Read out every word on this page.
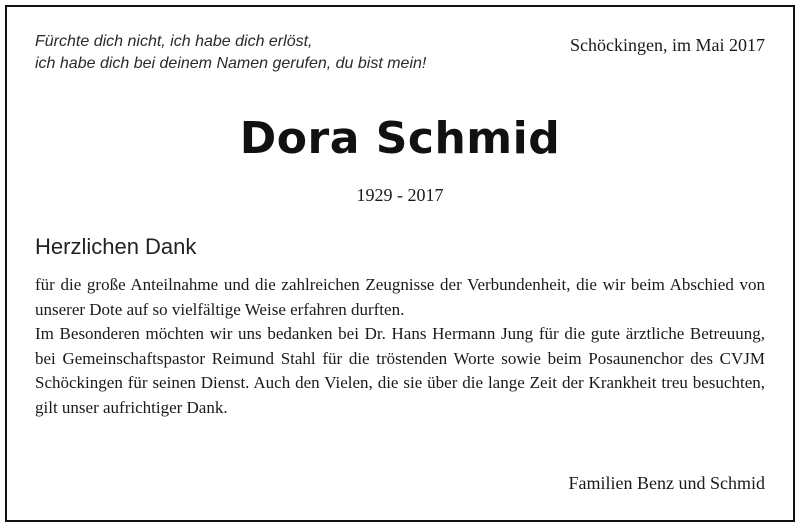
Fürchte dich nicht, ich habe dich erlöst,
ich habe dich bei deinem Namen gerufen, du bist mein!
Schöckingen, im Mai 2017
Dora Schmid
1929 - 2017
Herzlichen Dank

für die große Anteilnahme und die zahlreichen Zeugnisse der Verbundenheit, die wir beim Abschied von unserer Dote auf so vielfältige Weise erfahren durften.

Im Besonderen möchten wir uns bedanken bei Dr. Hans Hermann Jung für die gute ärztliche Betreuung, bei Gemeinschaftspastor Reimund Stahl für die tröstenden Worte sowie beim Posaunenchor des CVJM Schöckingen für seinen Dienst. Auch den Vielen, die sie über die lange Zeit der Krankheit treu besuchten, gilt unser aufrichtiger Dank.

Familien Benz und Schmid
